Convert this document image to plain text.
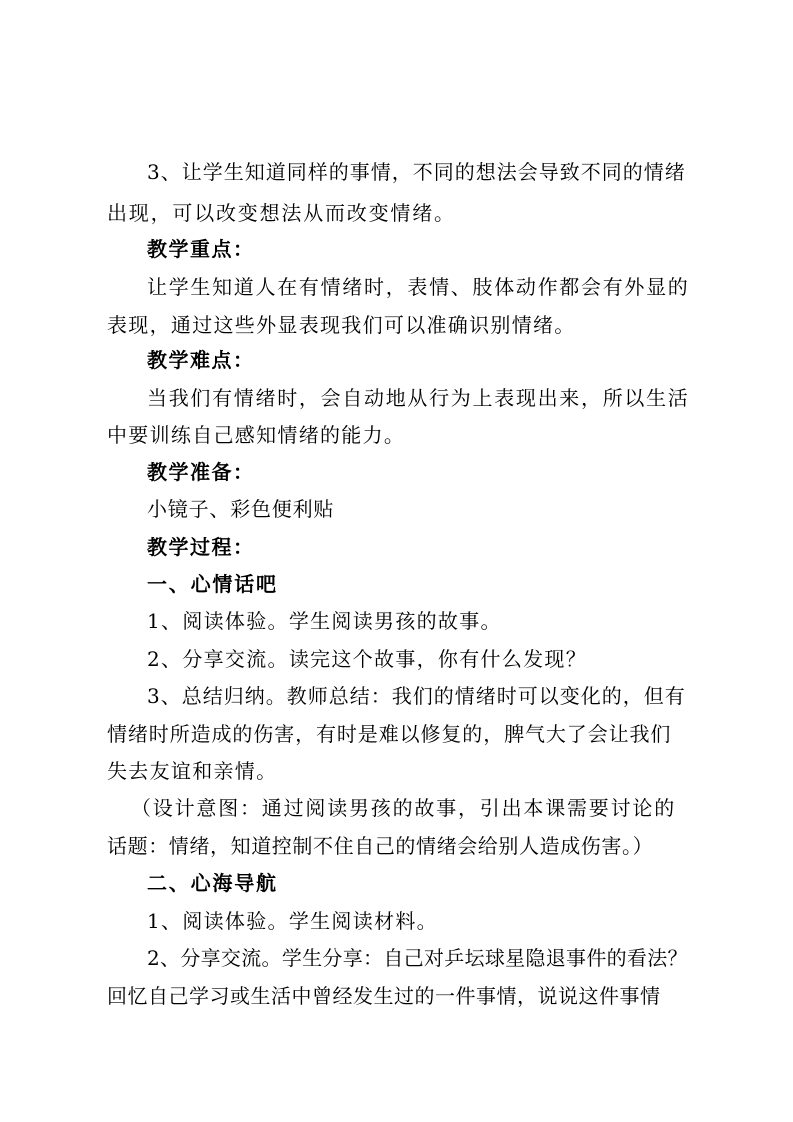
3、让学生知道同样的事情，不同的想法会导致不同的情绪
出现，可以改变想法从而改变情绪。
教学重点：
让学生知道人在有情绪时，表情、肢体动作都会有外显的
表现，通过这些外显表现我们可以准确识别情绪。
教学难点：
当我们有情绪时，会自动地从行为上表现出来，所以生活
中要训练自己感知情绪的能力。
教学准备：
小镜子、彩色便利贴
教学过程：
一、心情话吧
1、阅读体验。学生阅读男孩的故事。
2、分享交流。读完这个故事，你有什么发现？
3、总结归纳。教师总结：我们的情绪时可以变化的，但有
情绪时所造成的伤害，有时是难以修复的，脾气大了会让我们
失去友谊和亲情。
（设计意图：通过阅读男孩的故事，引出本课需要讨论的
话题：情绪，知道控制不住自己的情绪会给别人造成伤害。）
二、心海导航
1、阅读体验。学生阅读材料。
2、分享交流。学生分享：自己对乒坛球星隐退事件的看法？
回忆自己学习或生活中曾经发生过的一件事情，说说这件事情
